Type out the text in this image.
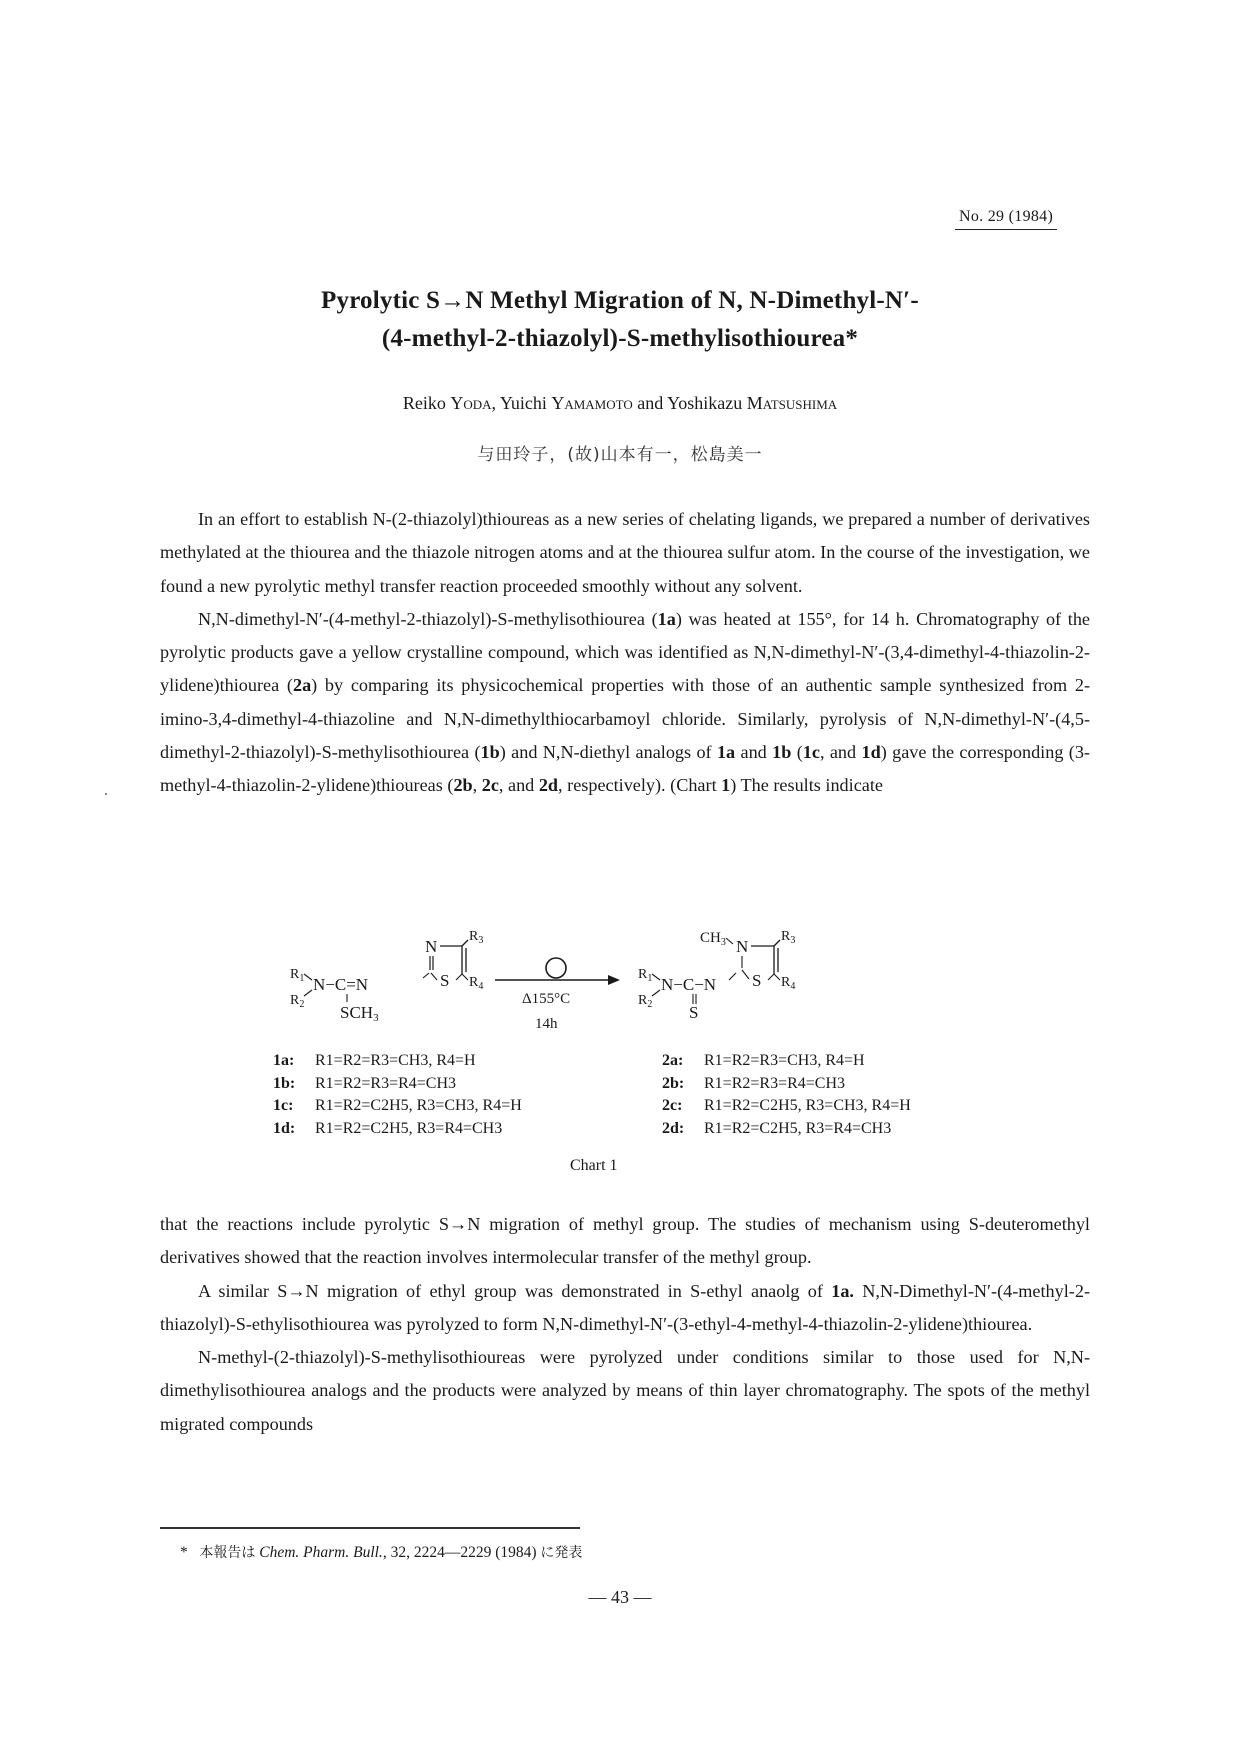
No. 29 (1984)
Pyrolytic S→N Methyl Migration of N, N-Dimethyl-N′-
(4-methyl-2-thiazolyl)-S-methylisothiourea*
Reiko Yoda, Yuichi Yamamoto and Yoshikazu Matsushima
与田玲子，(故)山本有一，松島美一

In an effort to establish N-(2-thiazolyl)thioureas as a new series of chelating ligands, we prepared a number of derivatives methylated at the thiourea and the thiazole nitrogen atoms and at the thiourea sulfur atom. In the course of the investigation, we found a new pyrolytic methyl transfer reaction proceeded smoothly without any solvent.

N,N-dimethyl-N′-(4-methyl-2-thiazolyl)-S-methylisothiourea (1a) was heated at 155°, for 14 h. Chromatography of the pyrolytic products gave a yellow crystalline compound, which was identified as N,N-dimethyl-N′-(3,4-dimethyl-4-thiazolin-2-ylidene)thiourea (2a) by comparing its physicochemical properties with those of an authentic sample synthesized from 2-imino-3,4-dimethyl-4-thiazoline and N,N-dimethylthiocarbamoyl chloride. Similarly, pyrolysis of N,N-dimethyl-N′-(4,5-dimethyl-2-thiazolyl)-S-methylisothiourea (1b) and N,N-diethyl analogs of 1a and 1b (1c, and 1d) gave the corresponding (3-methyl-4-thiazolin-2-ylidene)thioureas (2b, 2c, and 2d, respectively). (Chart 1) The results indicate

N
$R_3$
S $R_4$
$R_1$
$R_2$
N−C=N
SCH3
Δ155°C
14h
$CH_3$ N
$R_3$
S $R_4$
$R_1$
$R_2$
N−C−N
S
1a: R1=R2=R3=CH3, R4=H
1b: R1=R2=R3=R4=CH3
1c: R1=R2=C2H5, R3=CH3, R4=H
1d: R1=R2=C2H5, R3=R4=CH3
2a: R1=R2=R3=CH3, R4=H
2b: R1=R2=R3=R4=CH3
2c: R1=R2=C2H5, R3=CH3, R4=H
2d: R1=R2=C2H5, R3=R4=CH3
Chart 1

that the reactions include pyrolytic S→N migration of methyl group. The studies of mechanism using S-deuteromethyl derivatives showed that the reaction involves intermolecular transfer of the methyl group.

A similar S→N migration of ethyl group was demonstrated in S-ethyl anaolg of 1a. N,N-Dimethyl-N′-(4-methyl-2-thiazolyl)-S-ethylisothiourea was pyrolyzed to form N,N-dimethyl-N′-(3-ethyl-4-methyl-4-thiazolin-2-ylidene)thiourea.

N-methyl-(2-thiazolyl)-S-methylisothioureas were pyrolyzed under conditions similar to those used for N,N-dimethylisothiourea analogs and the products were analyzed by means of thin layer chromatography. The spots of the methyl migrated compounds

* 本報告は Chem. Pharm. Bull., 32, 2224—2229 (1984) に発表
— 43 —
